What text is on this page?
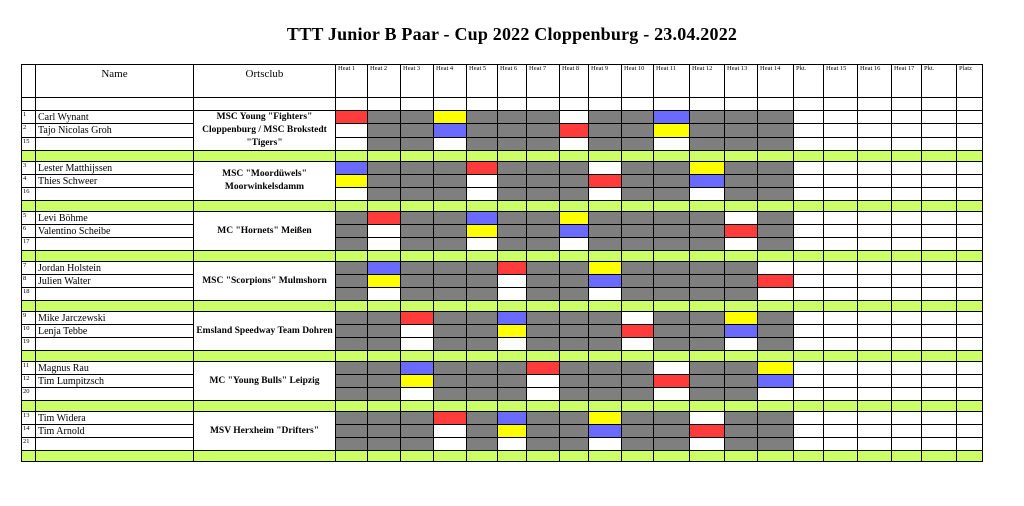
TTT Junior B Paar - Cup 2022 Cloppenburg - 23.04.2022
	Name	Ortsclub	Heat 1	Heat 2	Heat 3	Heat 4	Heat 5	Heat 6	Heat 7	Heat 8	Heat 9	Heat 10	Heat 11	Heat 12	Heat 13	Heat 14	Pkt.	Heat 15	Heat 16	Heat 17	Pkt.	Platz

1	Carl Wynant	MSC Young "Fighters" Cloppenburg / MSC Brokstedt "Tigers"																				
2	Tajo Nicolas Groh																					
15																						

3	Lester Matthijssen	MSC "Moordüwels" Moorwinkelsdamm																				
4	Thies Schweer																					
16																						

5	Levi Böhme	MC "Hornets" Meißen																				
6	Valentino Scheibe																					
17																						

7	Jordan Holstein	MSC "Scorpions" Mulmshorn																				
8	Julien Walter																					
18																						

9	Mike Jarczewski	Emsland Speedway Team Dohren																				
10	Lenja Tebbe																					
19																						

11	Magnus Rau	MC "Young Bulls" Leipzig																				
12	Tim Lumpitzsch																					
20																						

13	Tim Widera	MSV Herxheim "Drifters"																				
14	Tim Arnold																					
21																						
